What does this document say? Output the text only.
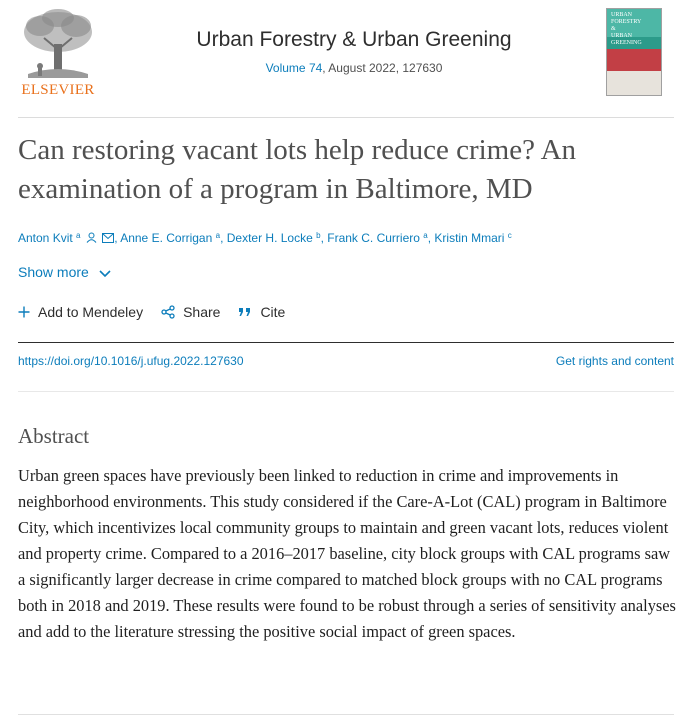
ELSEVIER
Urban Forestry & Urban Greening
Volume 74, August 2022, 127630
URBAN
FORESTRY
&
URBAN
GREENING
Can restoring vacant lots help reduce crime? An examination of a program in Baltimore, MD
Anton Kvit $^a$	, Anne E. Corrigan $^a$, Dexter H. Locke $^b$, Frank C. Curriero $^a$, Kristin Mmari $^c$
Show more
Add to Mendeley	Share	Cite
https://doi.org/10.1016/j.ufug.2022.127630	Get rights and content
Abstract

Urban green spaces have previously been linked to reduction in crime and improvements in neighborhood environments. This study considered if the Care-A-Lot (CAL) program in Baltimore City, which incentivizes local community groups to maintain and green vacant lots, reduces violent and property crime. Compared to a 2016–2017 baseline, city block groups with CAL programs saw a significantly larger decrease in crime compared to matched block groups with no CAL programs both in 2018 and 2019. These results were found to be robust through a series of sensitivity analyses and add to the literature stressing the positive social impact of green spaces.
